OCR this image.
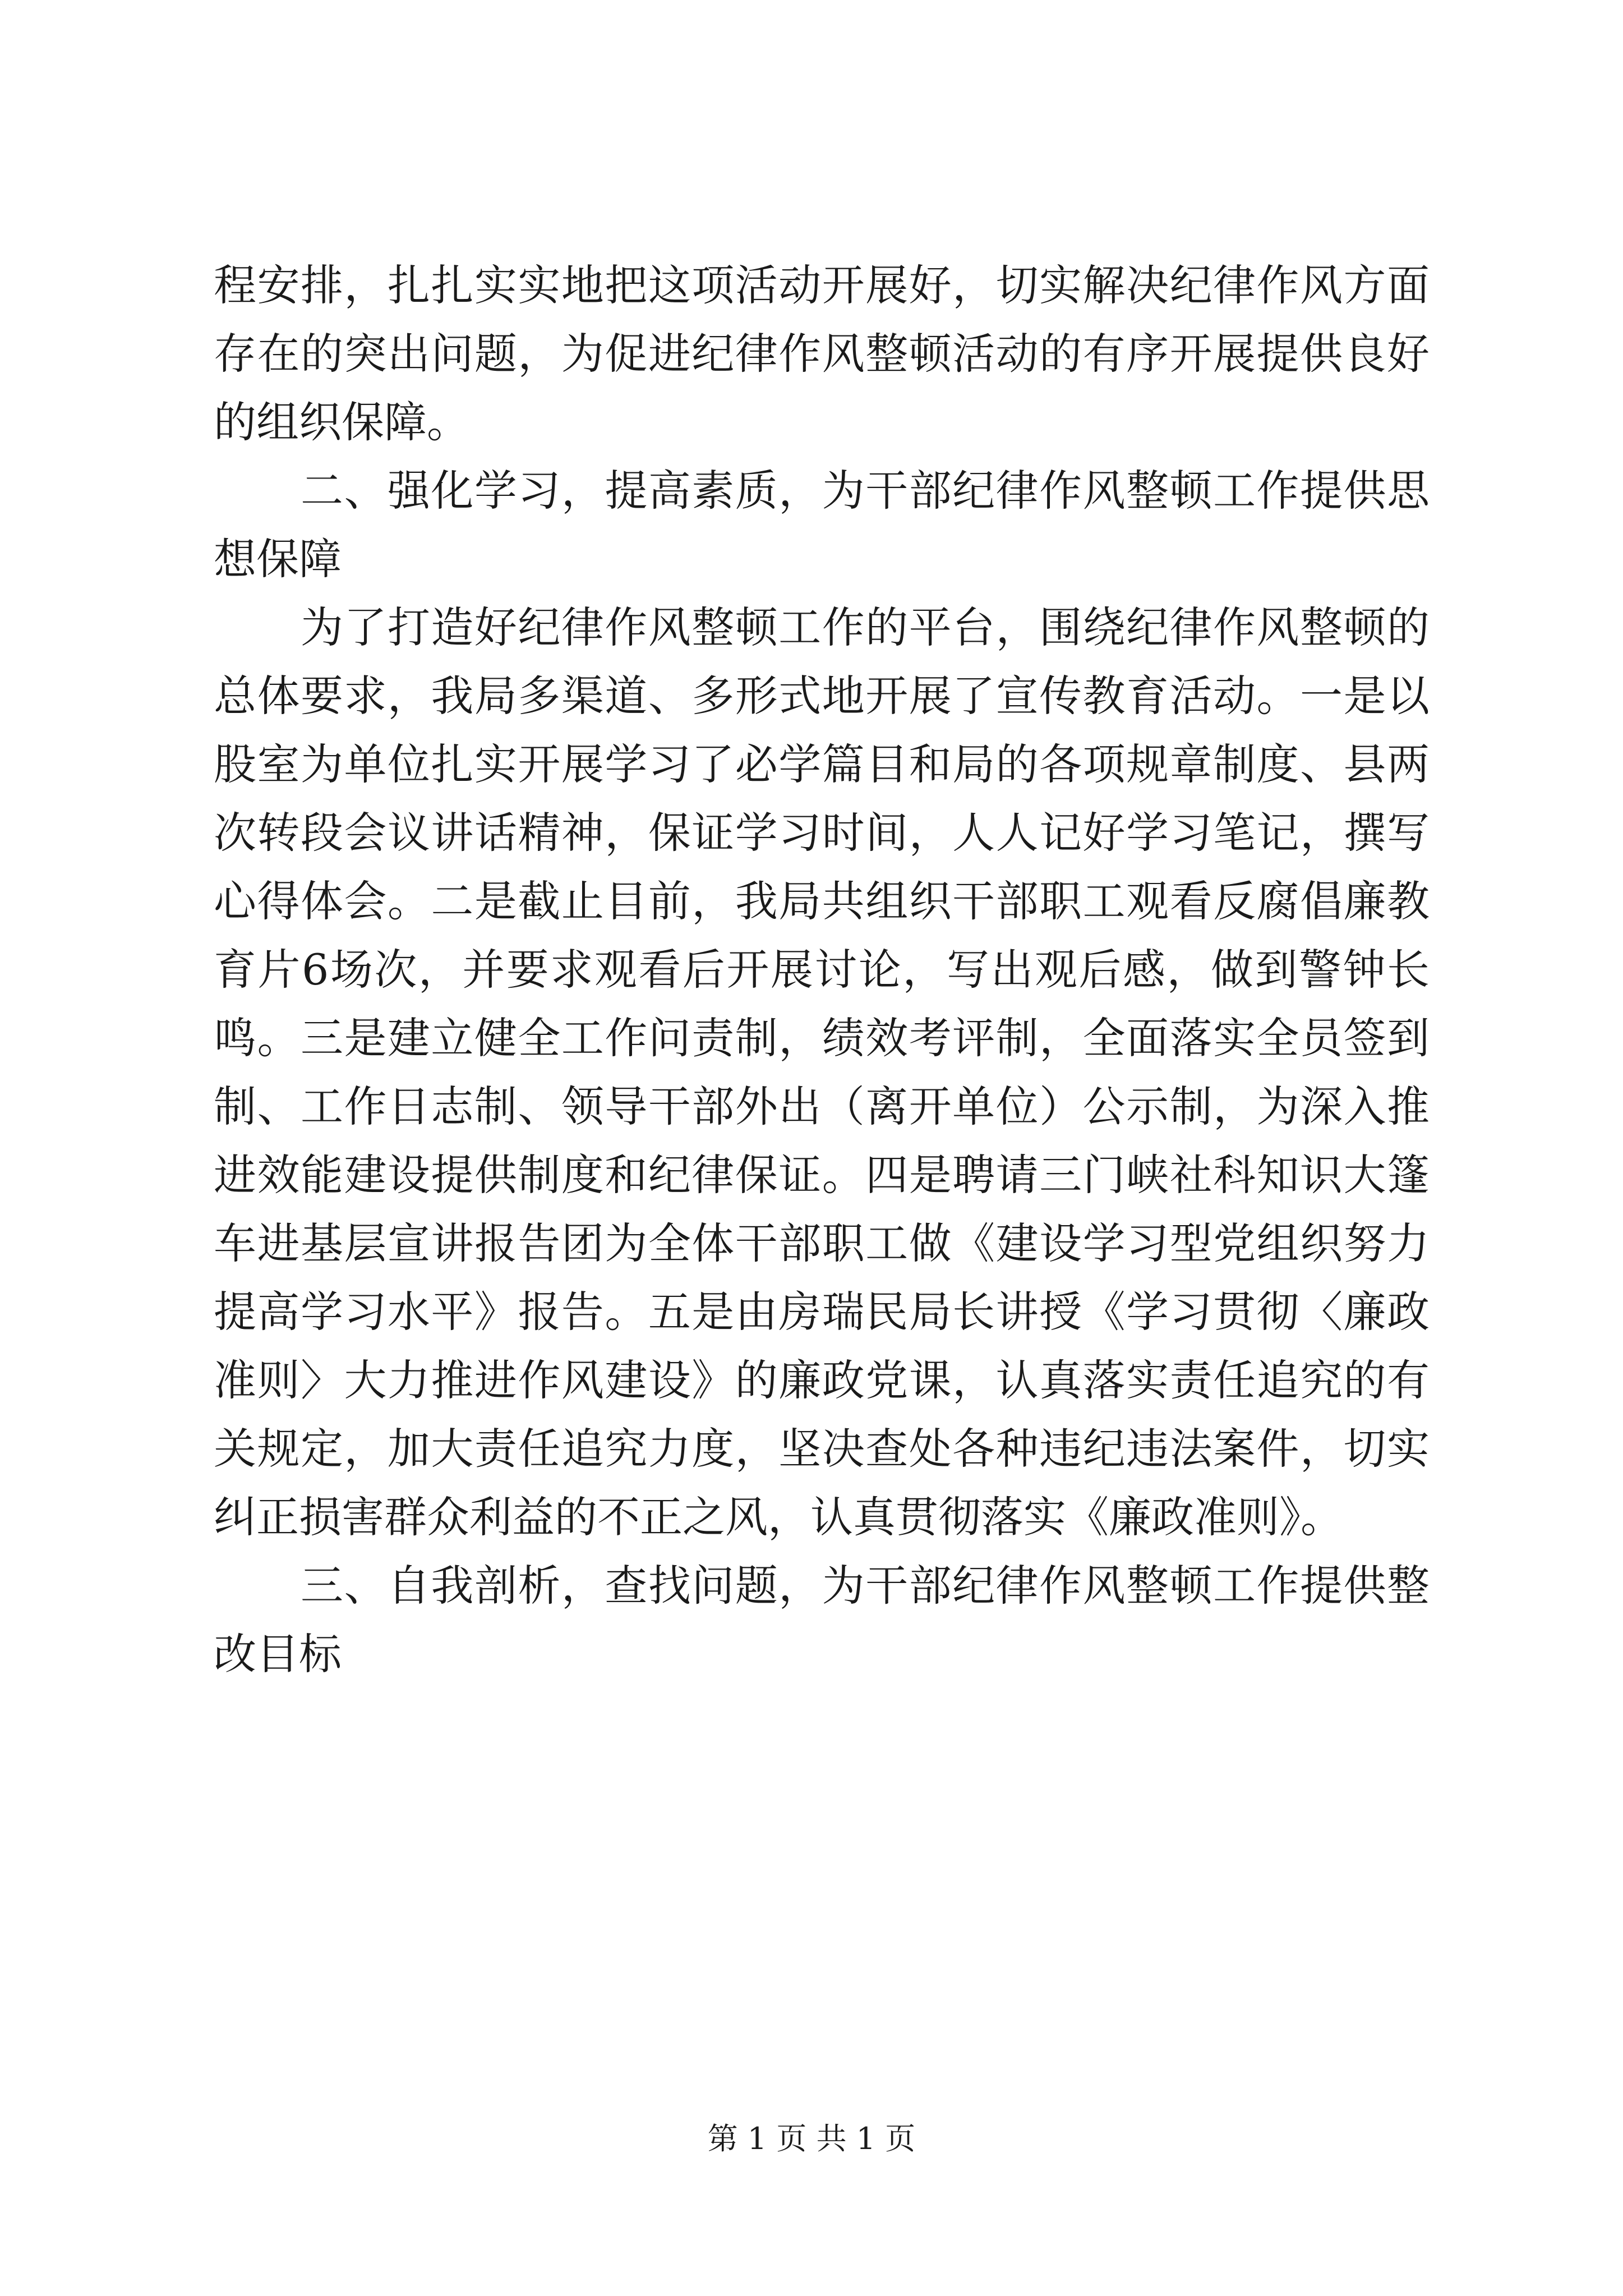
程安排，扎扎实实地把这项活动开展好，切实解决纪律作风方面
存在的突出问题，为促进纪律作风整顿活动的有序开展提供良好
的组织保障。
　　二、强化学习，提高素质，为干部纪律作风整顿工作提供思
想保障
　　为了打造好纪律作风整顿工作的平台，围绕纪律作风整顿的
总体要求，我局多渠道、多形式地开展了宣传教育活动。一是以
股室为单位扎实开展学习了必学篇目和局的各项规章制度、县两
次转段会议讲话精神，保证学习时间，人人记好学习笔记，撰写
心得体会。二是截止目前，我局共组织干部职工观看反腐倡廉教
育片6场次，并要求观看后开展讨论，写出观后感，做到警钟长
鸣。三是建立健全工作问责制，绩效考评制，全面落实全员签到
制、工作日志制、领导干部外出（离开单位）公示制，为深入推
进效能建设提供制度和纪律保证。四是聘请三门峡社科知识大篷
车进基层宣讲报告团为全体干部职工做《建设学习型党组织努力
提高学习水平》报告。五是由房瑞民局长讲授《学习贯彻〈廉政
准则〉大力推进作风建设》的廉政党课，认真落实责任追究的有
关规定，加大责任追究力度，坚决查处各种违纪违法案件，切实
纠正损害群众利益的不正之风，认真贯彻落实《廉政准则》。
　　三、自我剖析，查找问题，为干部纪律作风整顿工作提供整
改目标
第 1 页 共 1 页
